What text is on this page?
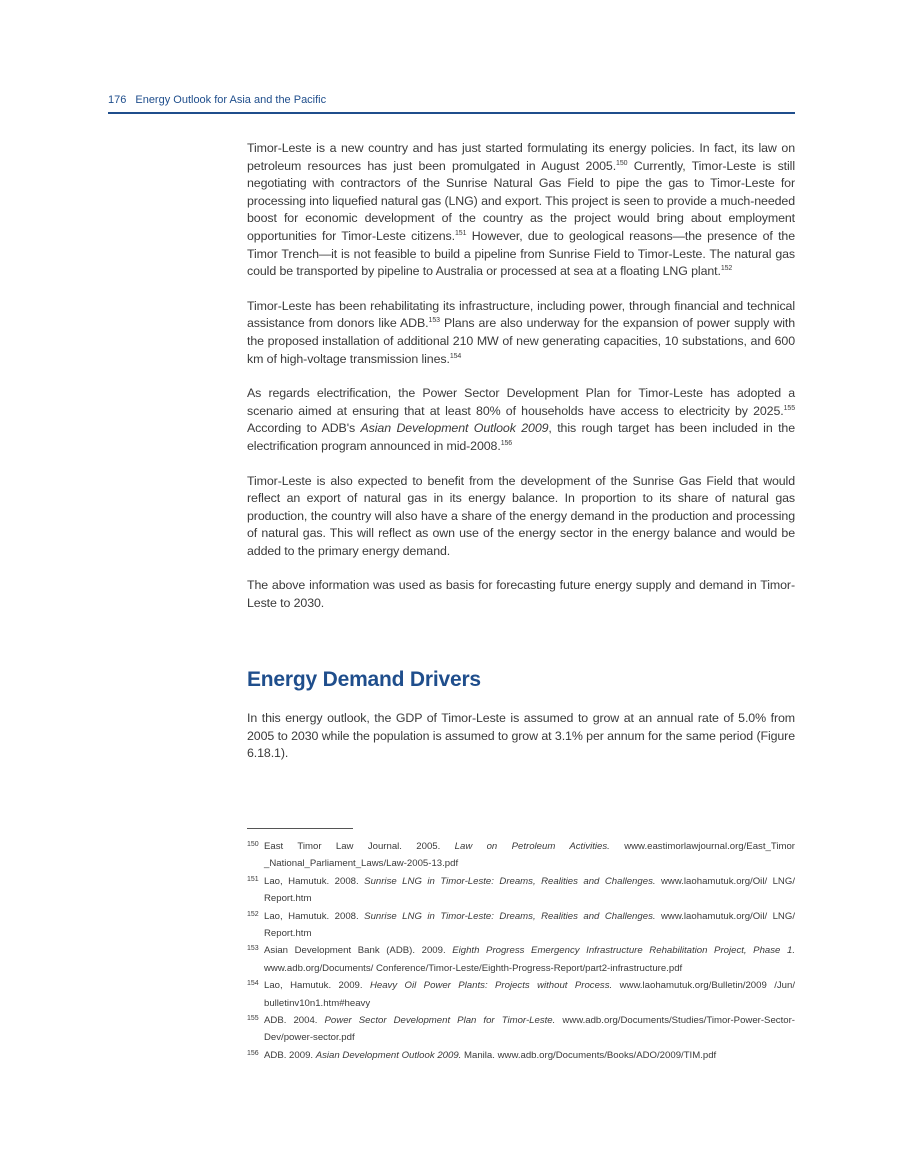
176 Energy Outlook for Asia and the Pacific

Timor-Leste is a new country and has just started formulating its energy policies. In fact, its law on petroleum resources has just been promulgated in August 2005.$^{150}$ Currently, Timor-Leste is still negotiating with contractors of the Sunrise Natural Gas Field to pipe the gas to Timor-Leste for processing into liquefied natural gas (LNG) and export. This project is seen to provide a much-needed boost for economic development of the country as the project would bring about employment opportunities for Timor-Leste citizens.$^{151}$ However, due to geological reasons—the presence of the Timor Trench—it is not feasible to build a pipeline from Sunrise Field to Timor-Leste. The natural gas could be transported by pipeline to Australia or processed at sea at a floating LNG plant.$^{152}$

Timor-Leste has been rehabilitating its infrastructure, including power, through financial and technical assistance from donors like ADB.$^{153}$ Plans are also underway for the expansion of power supply with the proposed installation of additional 210 MW of new generating capacities, 10 substations, and 600 km of high-voltage transmission lines.$^{154}$

As regards electrification, the Power Sector Development Plan for Timor-Leste has adopted a scenario aimed at ensuring that at least 80% of households have access to electricity by 2025.$^{155}$ According to ADB's Asian Development Outlook 2009, this rough target has been included in the electrification program announced in mid-2008.$^{156}$

Timor-Leste is also expected to benefit from the development of the Sunrise Gas Field that would reflect an export of natural gas in its energy balance. In proportion to its share of natural gas production, the country will also have a share of the energy demand in the production and processing of natural gas. This will reflect as own use of the energy sector in the energy balance and would be added to the primary energy demand.

The above information was used as basis for forecasting future energy supply and demand in Timor-Leste to 2030.

Energy Demand Drivers

In this energy outlook, the GDP of Timor-Leste is assumed to grow at an annual rate of 5.0% from 2005 to 2030 while the population is assumed to grow at 3.1% per annum for the same period (Figure 6.18.1).

150 East Timor Law Journal. 2005. Law on Petroleum Activities. www.eastimorlawjournal.org/East_Timor _National_Parliament_Laws/Law-2005-13.pdf
151 Lao, Hamutuk. 2008. Sunrise LNG in Timor-Leste: Dreams, Realities and Challenges. www.laohamutuk.org/Oil/ LNG/ Report.htm
152 Lao, Hamutuk. 2008. Sunrise LNG in Timor-Leste: Dreams, Realities and Challenges. www.laohamutuk.org/Oil/ LNG/ Report.htm
153 Asian Development Bank (ADB). 2009. Eighth Progress Emergency Infrastructure Rehabilitation Project, Phase 1. www.adb.org/Documents/ Conference/Timor-Leste/Eighth-Progress-Report/part2-infrastructure.pdf
154 Lao, Hamutuk. 2009. Heavy Oil Power Plants: Projects without Process. www.laohamutuk.org/Bulletin/2009 /Jun/ bulletinv10n1.htm#heavy
155 ADB. 2004. Power Sector Development Plan for Timor-Leste. www.adb.org/Documents/Studies/Timor-Power-Sector-Dev/power-sector.pdf
156 ADB. 2009. Asian Development Outlook 2009. Manila. www.adb.org/Documents/Books/ADO/2009/TIM.pdf
